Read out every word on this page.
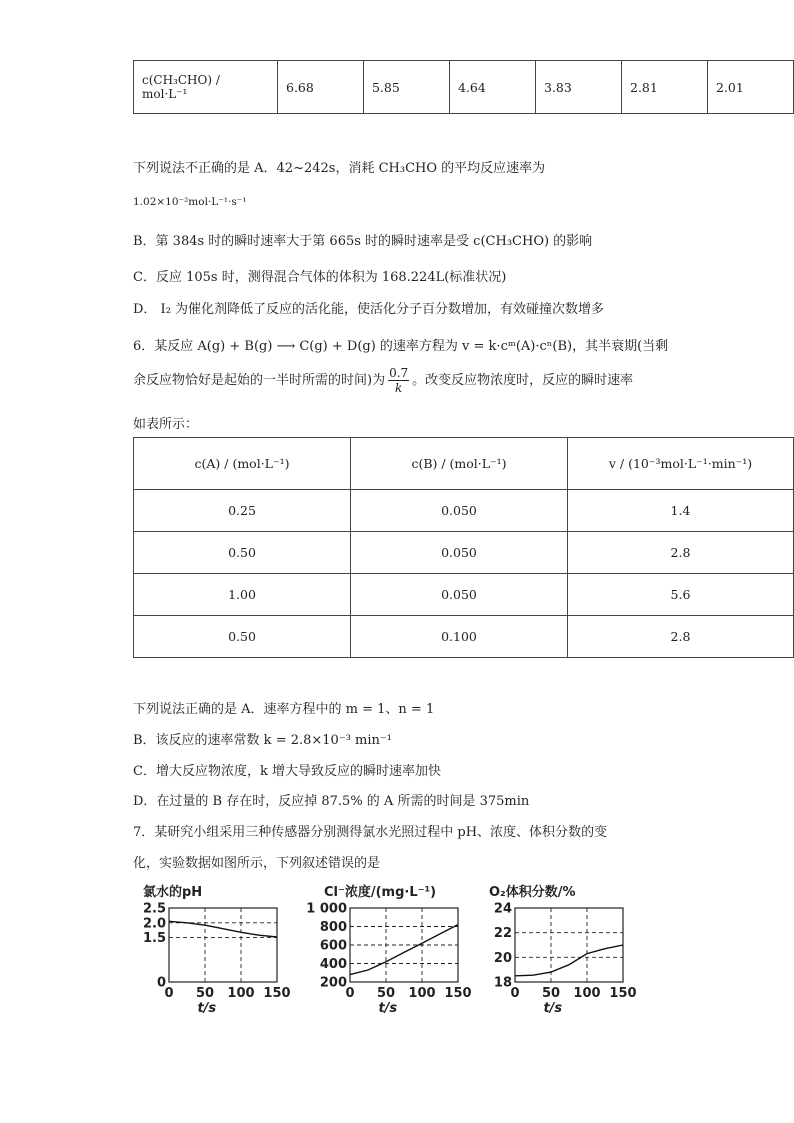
c(CH₃CHO) / mol·L⁻¹	6.68	5.85	4.64	3.83	2.81	2.01
下列说法不正确的是 A．42~242s，消耗 CH₃CHO 的平均反应速率为
1.02×10⁻²mol·L⁻¹·s⁻¹
B．第 384s 时的瞬时速率大于第 665s 时的瞬时速率是受 c(CH₃CHO) 的影响
C．反应 105s 时，测得混合气体的体积为 168.224L(标准状况)
D． I₂ 为催化剂降低了反应的活化能，使活化分子百分数增加，有效碰撞次数增多
6．某反应 A(g) + B(g) ⟶ C(g) + D(g) 的速率方程为 v = k·cᵐ(A)·cⁿ(B)，其半衰期(当剩
余反应物恰好是起始的一半时所需的时间)为 $\frac{0.7}{k}$ 。改变反应物浓度时，反应的瞬时速率
如表所示：
c(A) / (mol·L⁻¹)	c(B) / (mol·L⁻¹)	v / (10⁻³mol·L⁻¹·min⁻¹)
0.25	0.050	1.4
0.50	0.050	2.8
1.00	0.050	5.6
0.50	0.100	2.8
下列说法正确的是 A．速率方程中的 m = 1、n = 1
B．该反应的速率常数 k = 2.8×10⁻³ min⁻¹
C．增大反应物浓度，k 增大导致反应的瞬时速率加快
D．在过量的 B 存在时，反应掉 87.5% 的 A 所需的时间是 375min
7．某研究小组采用三种传感器分别测得氯水光照过程中 pH、浓度、体积分数的变
化，实验数据如图所示，下列叙述错误的是
氯水的pH
0
1.5
2.0
2.5
0 50 100 150
t/s
Cl⁻浓度/(mg·L⁻¹)
200
400
600
800
1 000
0 50 100 150
t/s
O₂体积分数/%
18
20
22
24
0 50 100 150
t/s
